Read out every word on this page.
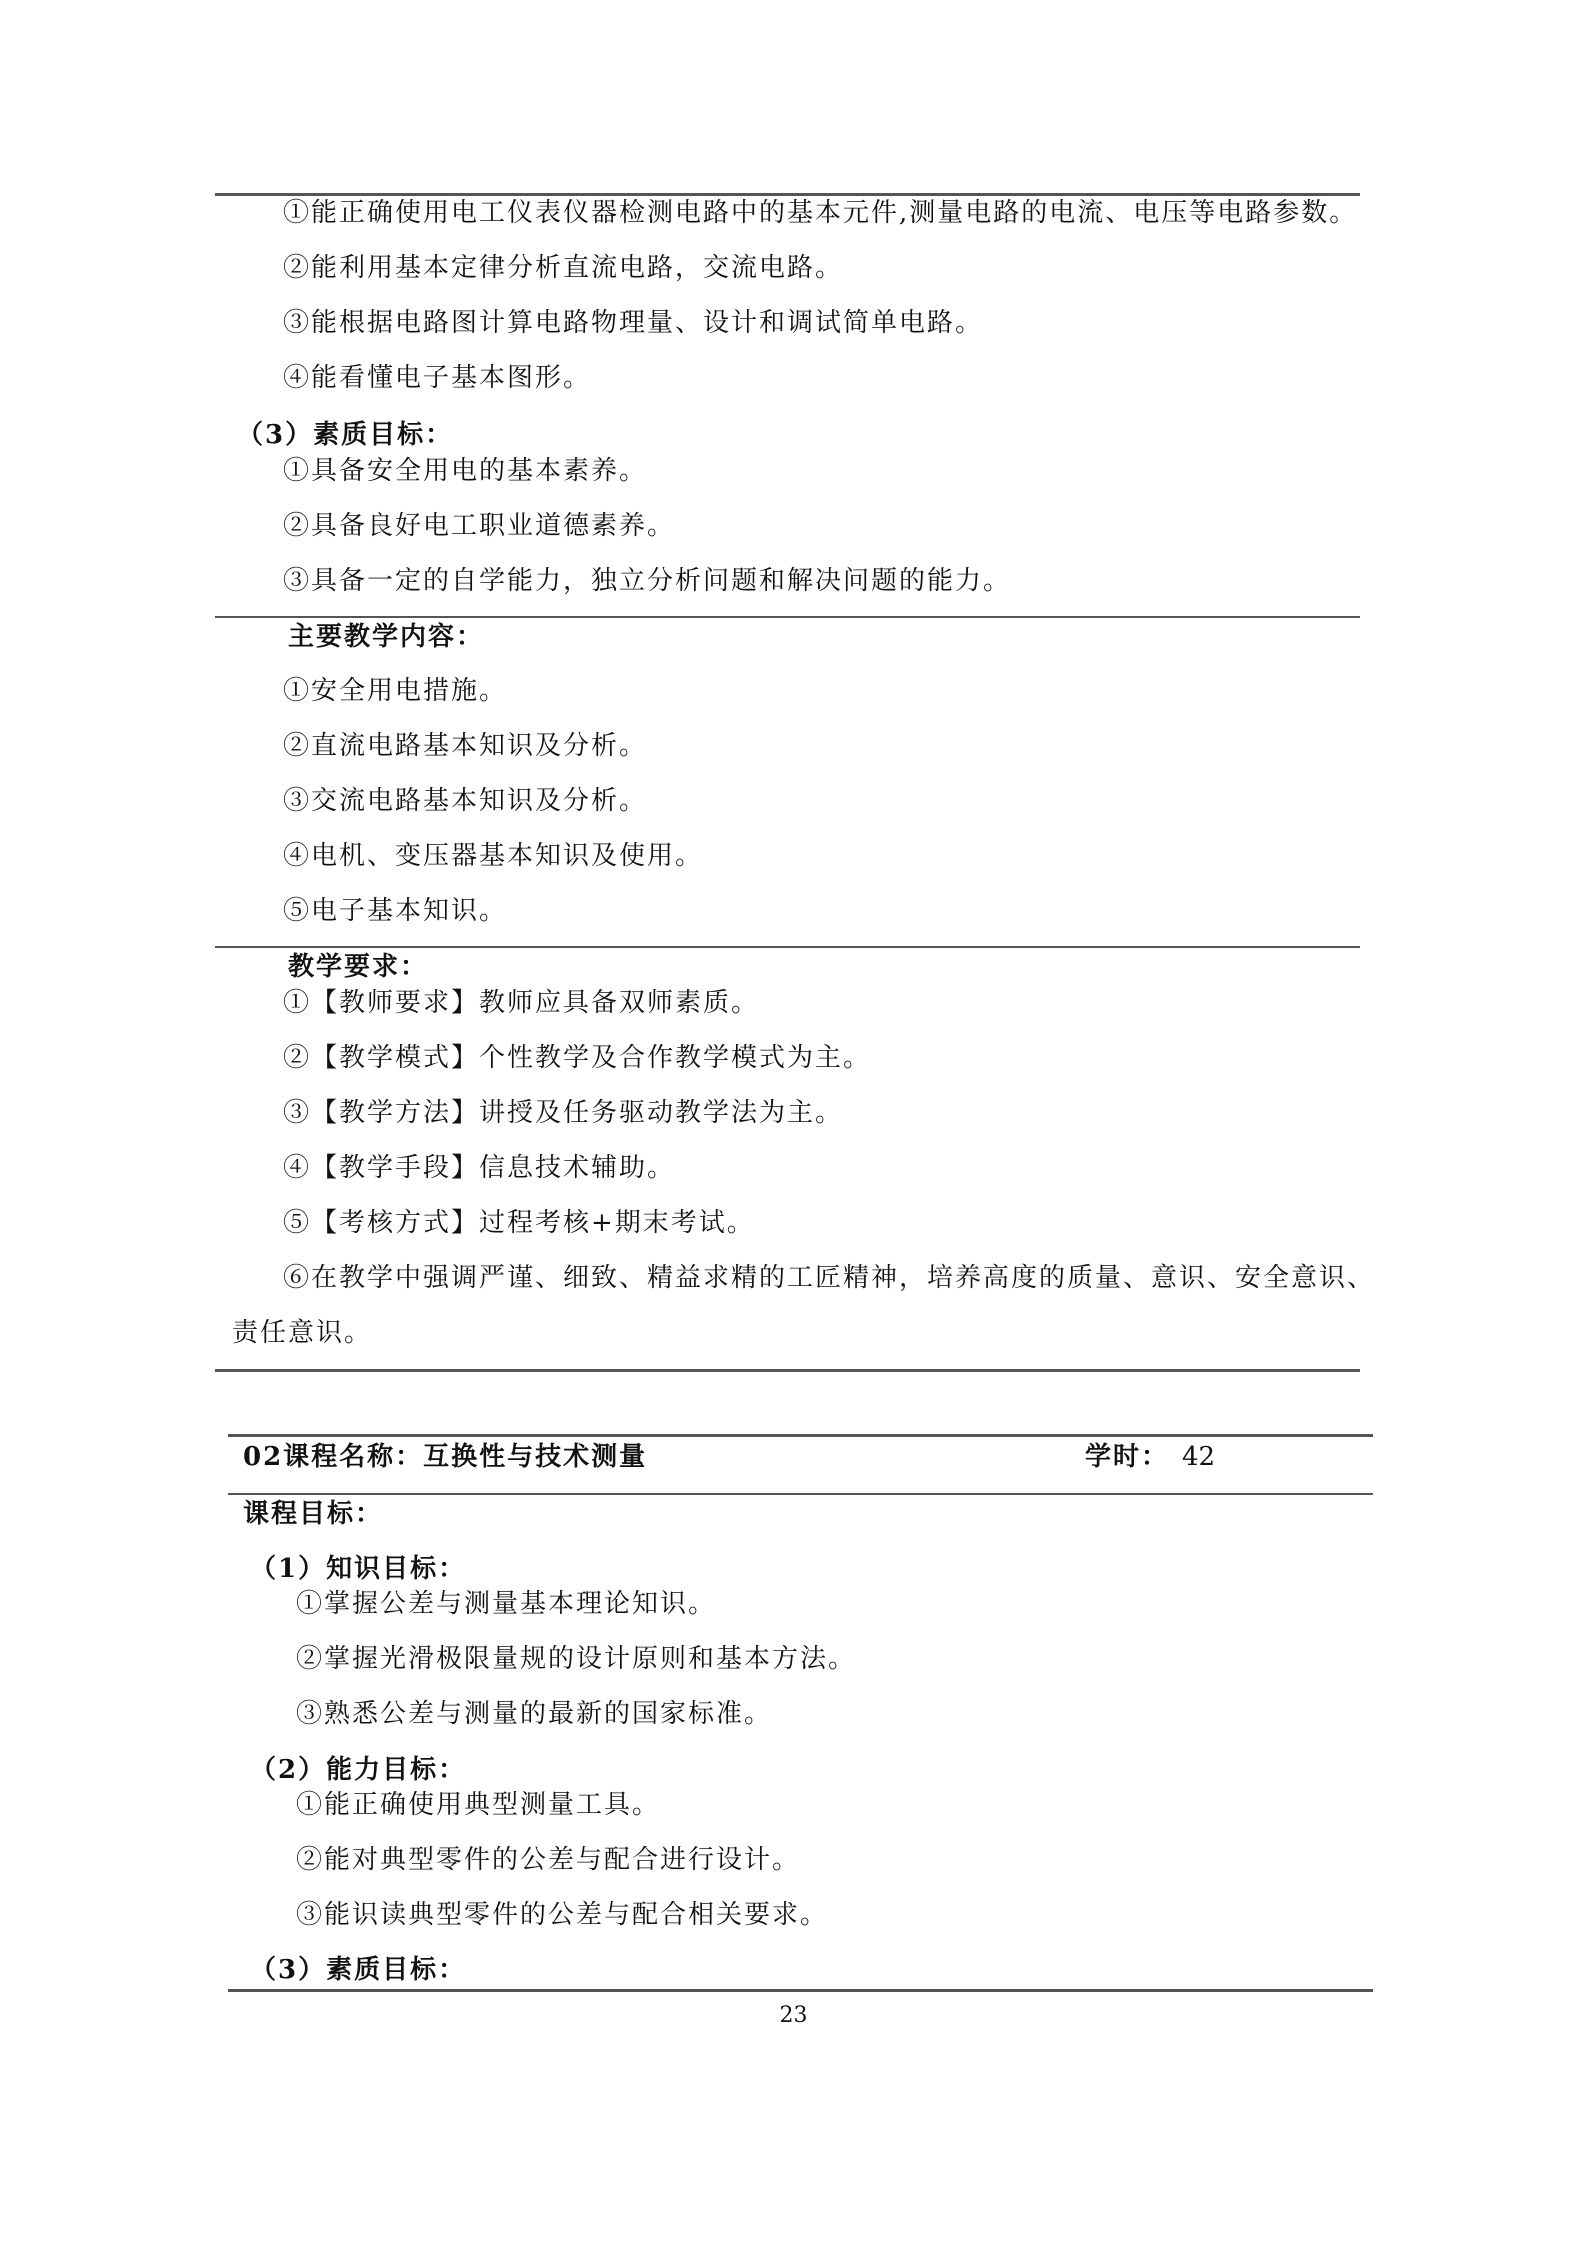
①能正确使用电工仪表仪器检测电路中的基本元件,测量电路的电流、电压等电路参数。
②能利用基本定律分析直流电路，交流电路。
③能根据电路图计算电路物理量、设计和调试简单电路。
④能看懂电子基本图形。
（3）素质目标：
①具备安全用电的基本素养。
②具备良好电工职业道德素养。
③具备一定的自学能力，独立分析问题和解决问题的能力。
主要教学内容：
①安全用电措施。
②直流电路基本知识及分析。
③交流电路基本知识及分析。
④电机、变压器基本知识及使用。
⑤电子基本知识。
教学要求：
①【教师要求】教师应具备双师素质。
②【教学模式】个性教学及合作教学模式为主。
③【教学方法】讲授及任务驱动教学法为主。
④【教学手段】信息技术辅助。
⑤【考核方式】过程考核+期末考试。
⑥在教学中强调严谨、细致、精益求精的工匠精神，培养高度的质量、意识、安全意识、
责任意识。
02课程名称：互换性与技术测量	学时： 42
课程目标：
（1）知识目标：
①掌握公差与测量基本理论知识。
②掌握光滑极限量规的设计原则和基本方法。
③熟悉公差与测量的最新的国家标准。
（2）能力目标：
①能正确使用典型测量工具。
②能对典型零件的公差与配合进行设计。
③能识读典型零件的公差与配合相关要求。
（3）素质目标：
23
